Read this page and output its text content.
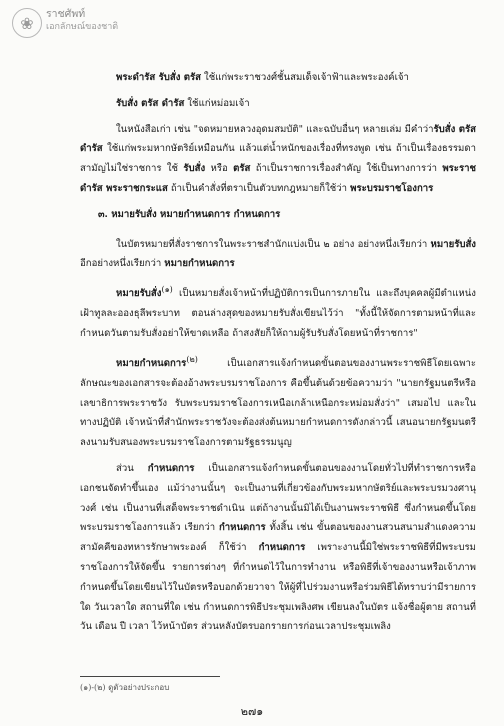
❀	ราชศัพท์
เอกลักษณ์ของชาติ

พระดำรัส รับสั่ง ตรัส ใช้แก่พระราชวงศ์ชั้นสมเด็จเจ้าฟ้าและพระองค์เจ้า

รับสั่ง ตรัส ดำรัส ใช้แก่หม่อมเจ้า

ในหนังสือเก่า เช่น "จดหมายหลวงอุดมสมบัติ" และฉบับอื่นๆ หลายเล่ม มีคำว่ารับสั่ง ตรัส ดำรัส ใช้แก่พระมหากษัตริย์เหมือนกัน แล้วแต่น้ำหนักของเรื่องที่ทรงพูด เช่น ถ้าเป็นเรื่องธรรมดาสามัญไม่ใช่ราชการ ใช้ รับสั่ง หรือ ตรัส ถ้าเป็นราชการเรื่องสำคัญ ใช้เป็นทางการว่า พระราชดำรัส พระราชกระแส ถ้าเป็นคำสั่งที่ตราเป็นตัวบทกฎหมายก็ใช้ว่า พระบรมราชโองการ

๓. หมายรับสั่ง หมายกำหนดการ กำหนดการ

ในบัตรหมายที่สั่งราชการในพระราชสำนักแบ่งเป็น ๒ อย่าง อย่างหนึ่งเรียกว่า หมายรับสั่ง อีกอย่างหนึ่งเรียกว่า หมายกำหนดการ

หมายรับสั่ง$^{(๑)}$ เป็นหมายสั่งเจ้าหน้าที่ปฏิบัติการเป็นการภายใน และถึงบุคคลผู้มีตำแหน่งเฝ้าทูลละอองธุลีพระบาท ตอนล่างสุดของหมายรับสั่งเขียนไว้ว่า "ทั้งนี้ให้จัดการตามหน้าที่และกำหนดวันตามรับสั่งอย่าให้ขาดเหลือ ถ้าสงสัยก็ให้ถามผู้รับรับสั่งโดยหน้าที่ราชการ"

หมายกำหนดการ$^{(๒)}$ เป็นเอกสารแจ้งกำหนดขั้นตอนของงานพระราชพิธีโดยเฉพาะลักษณะของเอกสารจะต้องอ้างพระบรมราชโองการ คือขึ้นต้นด้วยข้อความว่า "นายกรัฐมนตรีหรือเลขาธิการพระราชวัง รับพระบรมราชโองการเหนือเกล้าเหนือกระหม่อมสั่งว่า" เสมอไป และในทางปฏิบัติ เจ้าหน้าที่สำนักพระราชวังจะต้องส่งต้นหมายกำหนดการดังกล่าวนี้ เสนอนายกรัฐมนตรีลงนามรับสนองพระบรมราชโองการตามรัฐธรรมนูญ

ส่วน กำหนดการ เป็นเอกสารแจ้งกำหนดขั้นตอนของงานโดยทั่วไปที่ทำราชการหรือเอกชนจัดทำขึ้นเอง แม้ว่างานนั้นๆ จะเป็นงานที่เกี่ยวข้องกับพระมหากษัตริย์และพระบรมวงศานุวงศ์ เช่น เป็นงานที่เสด็จพระราชดำเนิน แต่ถ้างานนั้นมิได้เป็นงานพระราชพิธี ซึ่งกำหนดขึ้นโดยพระบรมราชโองการแล้ว เรียกว่า กำหนดการ ทั้งสิ้น เช่น ขั้นตอนของงานสวนสนามสำแดงความสามัคคีของทหารรักษาพระองค์ ก็ใช้ว่า กำหนดการ เพราะงานนี้มิใช่พระราชพิธีที่มีพระบรมราชโองการให้จัดขึ้น รายการต่างๆ ที่กำหนดไว้ในการทำงาน หรือพิธีที่เจ้าของงานหรือเจ้าภาพกำหนดขึ้นโดยเขียนไว้ในบัตรหรือบอกด้วยวาจา ให้ผู้ที่ไปร่วมงานหรือร่วมพิธีได้ทราบว่ามีรายการใด วันเวลาใด สถานที่ใด เช่น กำหนดการพิธีประชุมเพลิงศพ เขียนลงในบัตร แจ้งชื่อผู้ตาย สถานที่ วัน เดือน ปี เวลา ไว้หน้าบัตร ส่วนหลังบัตรบอกรายการก่อนเวลาประชุมเพลิง

(๑)-(๒) ดูตัวอย่างประกอบ
๒๗๑
